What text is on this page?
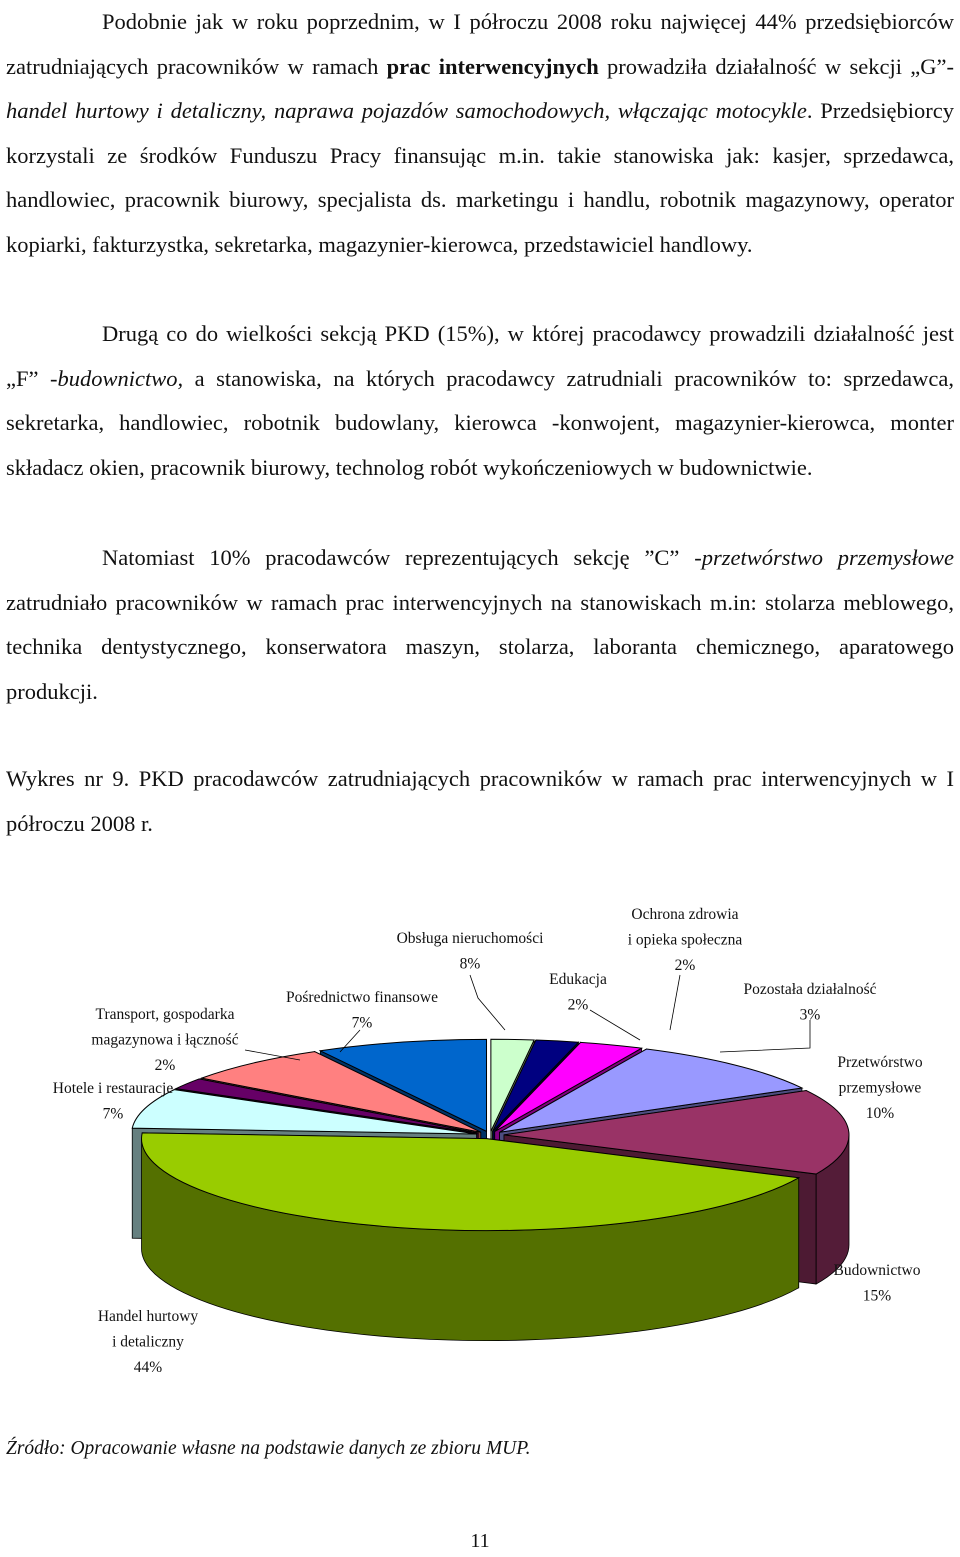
Podobnie jak w roku poprzednim, w I półroczu 2008 roku najwięcej 44% przedsiębiorców zatrudniających pracowników w ramach prac interwencyjnych prowadziła działalność w sekcji „G”- handel hurtowy i detaliczny, naprawa pojazdów samochodowych, włączając motocykle. Przedsiębiorcy korzystali ze środków Funduszu Pracy finansując m.in. takie stanowiska jak: kasjer, sprzedawca, handlowiec, pracownik biurowy, specjalista ds. marketingu i handlu, robotnik magazynowy, operator kopiarki, fakturzystka, sekretarka, magazynier-kierowca, przedstawiciel handlowy.

Drugą co do wielkości sekcją PKD (15%), w której pracodawcy prowadzili działalność jest „F” -budownictwo, a stanowiska, na których pracodawcy zatrudniali pracowników to: sprzedawca, sekretarka, handlowiec, robotnik budowlany, kierowca -konwojent, magazynier-kierowca, monter składacz okien, pracownik biurowy, technolog robót wykończeniowych w budownictwie.

Natomiast 10% pracodawców reprezentujących sekcję ”C” -przetwórstwo przemysłowe zatrudniało pracowników w ramach prac interwencyjnych na stanowiskach m.in: stolarza meblowego, technika dentystycznego, konserwatora maszyn, stolarza, laboranta chemicznego, aparatowego produkcji.

Wykres nr 9. PKD pracodawców zatrudniających pracowników w ramach prac interwencyjnych w I półroczu 2008 r.

Obsługa nieruchomości 8%
Ochrona zdrowia i opieka społeczna 2%
Edukacja 2%
Pozostała działalność 3%
Pośrednictwo finansowe 7%
Transport, gospodarka magazynowa i łączność 2%
Hotele i restauracje 7%
Przetwórstwo przemysłowe 10%
Budownictwo 15%
Handel hurtowy i detaliczny 44%

Źródło: Opracowanie własne na podstawie danych ze zbioru MUP.

11
